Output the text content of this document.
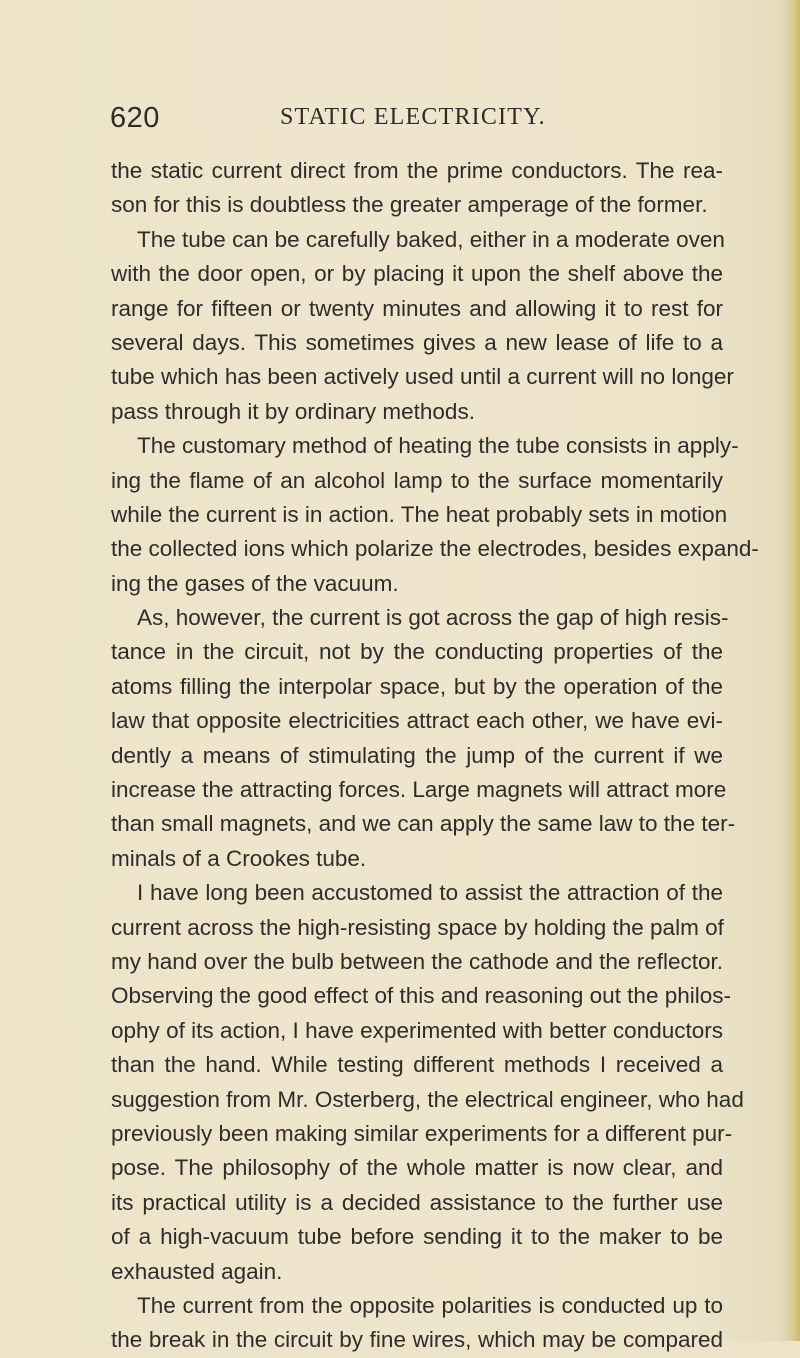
620	STATIC ELECTRICITY.
the static current direct from the prime conductors. The rea-
son for this is doubtless the greater amperage of the former.
The tube can be carefully baked, either in a moderate oven
with the door open, or by placing it upon the shelf above the
range for fifteen or twenty minutes and allowing it to rest for
several days. This sometimes gives a new lease of life to a
tube which has been actively used until a current will no longer
pass through it by ordinary methods.
The customary method of heating the tube consists in apply-
ing the flame of an alcohol lamp to the surface momentarily
while the current is in action. The heat probably sets in motion
the collected ions which polarize the electrodes, besides expand-
ing the gases of the vacuum.
As, however, the current is got across the gap of high resis-
tance in the circuit, not by the conducting properties of the
atoms filling the interpolar space, but by the operation of the
law that opposite electricities attract each other, we have evi-
dently a means of stimulating the jump of the current if we
increase the attracting forces. Large magnets will attract more
than small magnets, and we can apply the same law to the ter-
minals of a Crookes tube.
I have long been accustomed to assist the attraction of the
current across the high-resisting space by holding the palm of
my hand over the bulb between the cathode and the reflector.
Observing the good effect of this and reasoning out the philos-
ophy of its action, I have experimented with better conductors
than the hand. While testing different methods I received a
suggestion from Mr. Osterberg, the electrical engineer, who had
previously been making similar experiments for a different pur-
pose. The philosophy of the whole matter is now clear, and
its practical utility is a decided assistance to the further use
of a high-vacuum tube before sending it to the maker to be
exhausted again.
The current from the opposite polarities is conducted up to
the break in the circuit by fine wires, which may be compared
